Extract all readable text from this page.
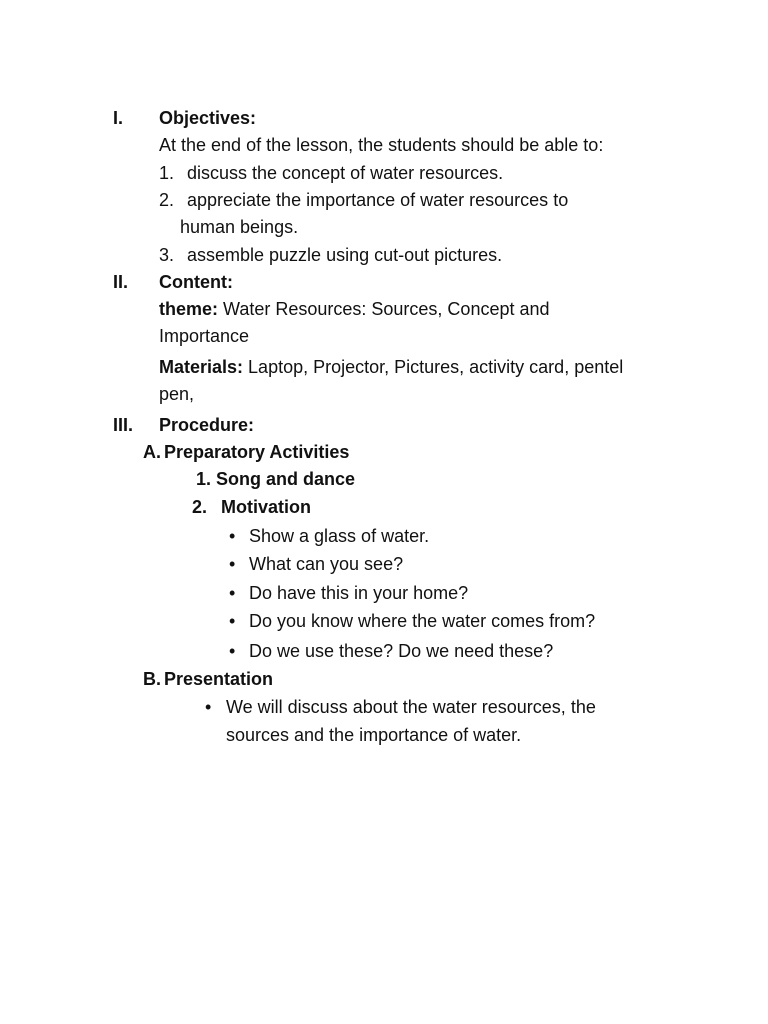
I. Objectives:
At the end of the lesson, the students should be able to:
1. discuss the concept of water resources.
2. appreciate the importance of water resources to
human beings.
3. assemble puzzle using cut-out pictures.
II. Content:
theme: Water Resources: Sources, Concept and
Importance
Materials: Laptop, Projector, Pictures, activity card, pentel
pen,
III. Procedure:
A. Preparatory Activities
1. Song and dance
2. Motivation
• Show a glass of water.
• What can you see?
• Do have this in your home?
• Do you know where the water comes from?
• Do we use these? Do we need these?
B. Presentation
• We will discuss about the water resources, the
sources and the importance of water.
